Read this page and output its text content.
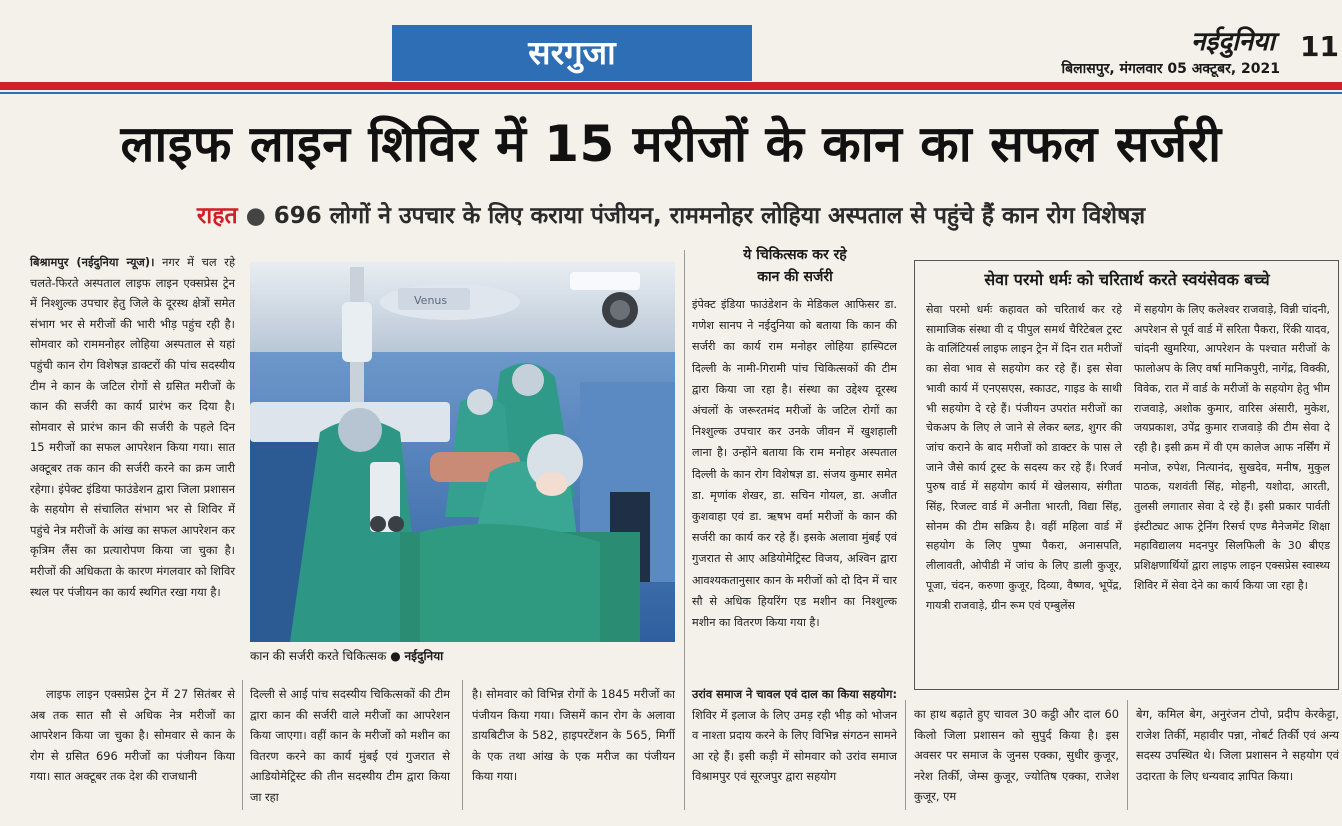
सरगुजा	नईदुनिया
बिलासपुर, मंगलवार 05 अक्टूबर, 2021
11
लाइफ लाइन शिविर में 15 मरीजों के कान का सफल सर्जरी
राहत ● 696 लोगों ने उपचार के लिए कराया पंजीयन, राममनोहर लोहिया अस्पताल से पहुंचे हैं कान रोग विशेषज्ञ
बिश्रामपुर (नईदुनिया न्यूज)। नगर में चल रहे चलते-फिरते अस्पताल लाइफ लाइन एक्सप्रेस ट्रेन में निश्शुल्क उपचार हेतु जिले के दूरस्थ क्षेत्रों समेत संभाग भर से मरीजों की भारी भीड़ पहुंच रही है। सोमवार को राममनोहर लोहिया अस्पताल से यहां पहुंची कान रोग विशेषज्ञ डाक्टरों की पांच सदस्यीय टीम ने कान के जटिल रोगों से ग्रसित मरीजों के कान की सर्जरी का कार्य प्रारंभ कर दिया है। सोमवार से प्रारंभ कान की सर्जरी के पहले दिन 15 मरीजों का सफल आपरेशन किया गया। सात अक्टूबर तक कान की सर्जरी करने का क्रम जारी रहेगा। इंपेक्ट इंडिया फाउंडेशन द्वारा जिला प्रशासन के सहयोग से संचालित संभाग भर से शिविर में पहुंचे नेत्र मरीजों के आंख का सफल आपरेशन कर कृत्रिम लैंस का प्रत्यारोपण किया जा चुका है। मरीजों की अधिकता के कारण मंगलवार को शिविर स्थल पर पंजीयन का कार्य स्थगित रखा गया है।
लाइफ लाइन एक्सप्रेस ट्रेन में 27 सितंबर से अब तक सात सौ से अधिक नेत्र मरीजों का आपरेशन किया जा चुका है। सोमवार से कान के रोग से ग्रसित 696 मरीजों का पंजीयन किया गया। सात अक्टूबर तक देश की राजधानी
Venus
कान की सर्जरी करते चिकित्सक ● नईदुनिया
दिल्ली से आई पांच सदस्यीय चिकित्सकों की टीम द्वारा कान की सर्जरी वाले मरीजों का आपरेशन किया जाएगा। वहीं कान के मरीजों को मशीन का वितरण करने का कार्य मुंबई एवं गुजरात से आडियोमेट्रिस्ट की तीन सदस्यीय टीम द्वारा किया जा रहा
है। सोमवार को विभिन्न रोगों के 1845 मरीजों का पंजीयन किया गया। जिसमें कान रोग के अलावा डायबिटीज के 582, हाइपरटेंशन के 565, मिर्गी के एक तथा आंख के एक मरीज का पंजीयन किया गया।
ये चिकित्सक कर रहे
कान की सर्जरी
इंपेक्ट इंडिया फाउंडेशन के मेडिकल आफिसर डा. गणेश सानप ने नईदुनिया को बताया कि कान की सर्जरी का कार्य राम मनोहर लोहिया हास्पिटल दिल्ली के नामी-गिरामी पांच चिकित्सकों की टीम द्वारा किया जा रहा है। संस्था का उद्देश्य दूरस्थ अंचलों के जरूरतमंद मरीजों के जटिल रोगों का निश्शुल्क उपचार कर उनके जीवन में खुशहाली लाना है। उन्होंने बताया कि राम मनोहर अस्पताल दिल्ली के कान रोग विशेषज्ञ डा. संजय कुमार समेत डा. मृणांक शेखर, डा. सचिन गोयल, डा. अजीत कुशवाहा एवं डा. ऋषभ वर्मा मरीजों के कान की सर्जरी का कार्य कर रहे हैं। इसके अलावा मुंबई एवं गुजरात से आए अडियोमेट्रिस्ट विजय, अश्विन द्वारा आवश्यकतानुसार कान के मरीजों को दो दिन में चार सौ से अधिक हियरिंग एड मशीन का निश्शुल्क मशीन का वितरण किया गया है।
उरांव समाज ने चावल एवं दाल का किया सहयोग: शिविर में इलाज के लिए उमड़ रही भीड़ को भोजन व नाश्ता प्रदाय करने के लिए विभिन्न संगठन सामने आ रहे हैं। इसी कड़ी में सोमवार को उरांव समाज विश्रामपुर एवं सूरजपुर द्वारा सहयोग
का हाथ बढ़ाते हुए चावल 30 कट्ठी और दाल 60 किलो जिला प्रशासन को सुपुर्द किया है। इस अवसर पर समाज के जुनस एक्का, सुधीर कुजूर, नरेश तिर्की, जेम्स कुजूर, ज्योतिष एक्का, राजेश कुजूर, एम
बेग, कमिल बेग, अनुरंजन टोपो, प्रदीप केरकेट्टा, राजेश तिर्की, महावीर पन्ना, नोबर्ट तिर्की एवं अन्य सदस्य उपस्थित थे। जिला प्रशासन ने सहयोग एवं उदारता के लिए धन्यवाद ज्ञापित किया।
सेवा परमो धर्मः को चरितार्थ करते स्वयंसेवक बच्चे
सेवा परमो धर्मः कहावत को चरितार्थ कर रहे सामाजिक संस्था वी द पीपुल समर्थ चैरिटेबल ट्रस्ट के वालिंटियर्स लाइफ लाइन ट्रेन में दिन रात मरीजों का सेवा भाव से सहयोग कर रहे हैं। इस सेवा भावी कार्य में एनएसएस, स्काउट, गाइड के साथी भी सहयोग दे रहे हैं। पंजीयन उपरांत मरीजों का चेकअप के लिए ले जाने से लेकर ब्लड, शुगर की जांच कराने के बाद मरीजों को डाक्टर के पास ले जाने जैसे कार्य ट्रस्ट के सदस्य कर रहे हैं। रिजर्व पुरुष वार्ड में सहयोग कार्य में खेलसाय, संगीता सिंह, रिजल्ट वार्ड में अनीता भारती, विद्या सिंह, सोनम की टीम सक्रिय है। वहीं महिला वार्ड में सहयोग के लिए पुष्पा पैकरा, अनासपति, लीलावती, ओपीडी में जांच के लिए डाली कुजूर, पूजा, चंदन, करुणा कुजूर, दिव्या, वैष्णव, भूपेंद्र, गायत्री राजवाड़े, ग्रीन रूम एवं एम्बुलेंस
में सहयोग के लिए कलेश्वर राजवाड़े, विन्नी चांदनी, अपरेशन से पूर्व वार्ड में सरिता पैकरा, रिंकी यादव, चांदनी खुमरिया, आपरेशन के पश्चात मरीजों के फालोअप के लिए वर्षा मानिकपुरी, नागेंद्र, विक्की, विवेक, रात में वार्ड के मरीजों के सहयोग हेतु भीम राजवाड़े, अशोक कुमार, वारिस अंसारी, मुकेश, जयप्रकाश, उपेंद्र कुमार राजवाड़े की टीम सेवा दे रही है। इसी क्रम में वी एम कालेज आफ नर्सिंग में मनोज, रुपेश, नित्यानंद, सुखदेव, मनीष, मुकुल पाठक, यशवंती सिंह, मोहनी, यशोदा, आरती, तुलसी लगातार सेवा दे रहे हैं। इसी प्रकार पार्वती इंस्टीट्यट आफ ट्रेनिंग रिसर्च एण्ड मैनेजमेंट शिक्षा महाविद्यालय मदनपुर सिलफिली के 30 बीएड प्रशिक्षणार्थियों द्वारा लाइफ लाइन एक्सप्रेस स्वास्थ्य शिविर में सेवा देने का कार्य किया जा रहा है।
